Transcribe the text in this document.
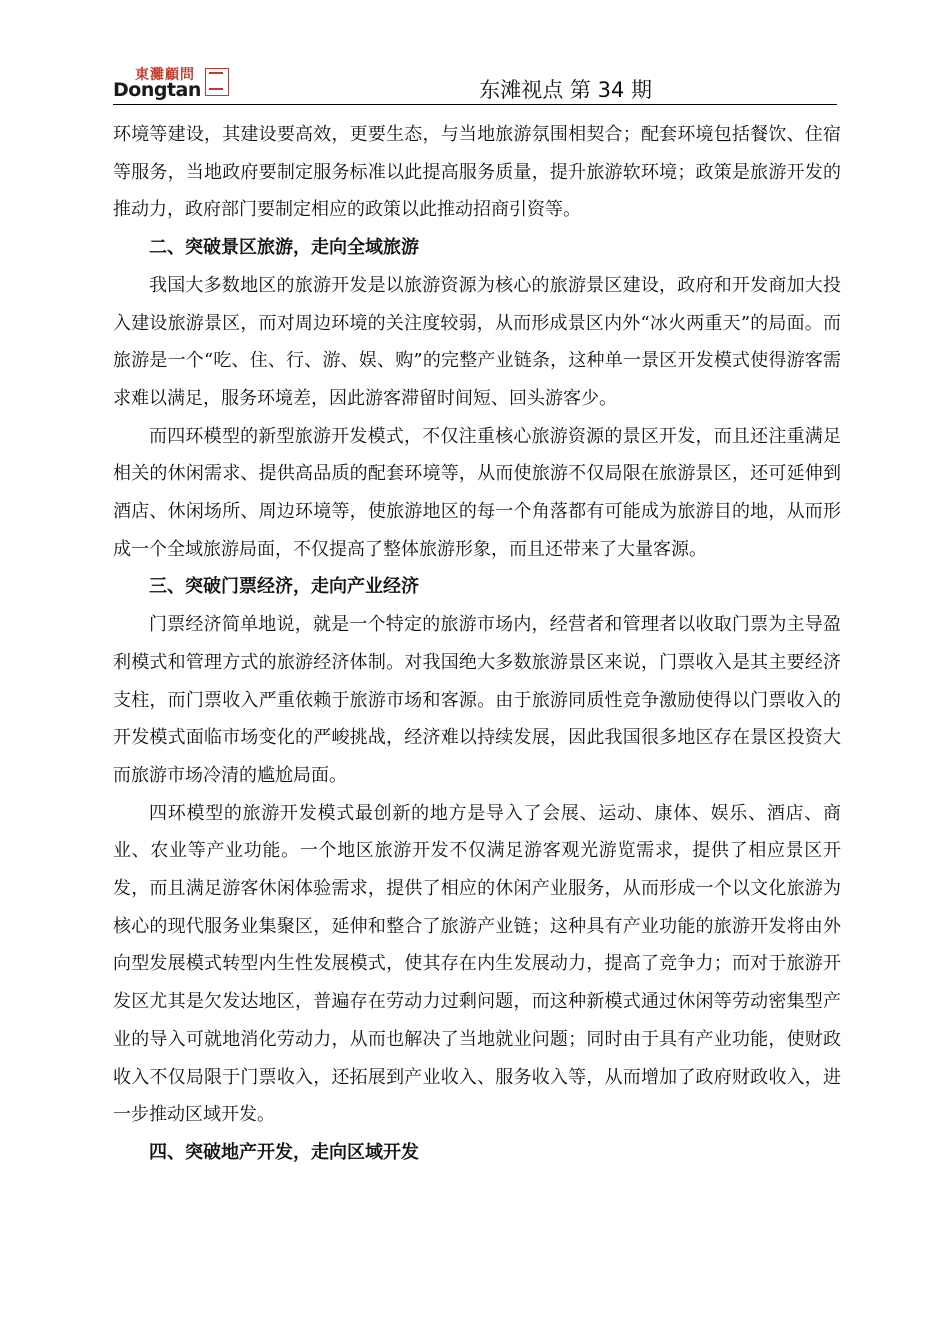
東灘顧問
Dongtan	东滩视点 第 34 期

环境等建设，其建设要高效，更要生态，与当地旅游氛围相契合；配套环境包括餐饮、住宿等服务，当地政府要制定服务标准以此提高服务质量，提升旅游软环境；政策是旅游开发的推动力，政府部门要制定相应的政策以此推动招商引资等。

二、突破景区旅游，走向全域旅游

我国大多数地区的旅游开发是以旅游资源为核心的旅游景区建设，政府和开发商加大投入建设旅游景区，而对周边环境的关注度较弱，从而形成景区内外“冰火两重天”的局面。而旅游是一个“吃、住、行、游、娱、购”的完整产业链条，这种单一景区开发模式使得游客需求难以满足，服务环境差，因此游客滞留时间短、回头游客少。

而四环模型的新型旅游开发模式，不仅注重核心旅游资源的景区开发，而且还注重满足相关的休闲需求、提供高品质的配套环境等，从而使旅游不仅局限在旅游景区，还可延伸到酒店、休闲场所、周边环境等，使旅游地区的每一个角落都有可能成为旅游目的地，从而形成一个全域旅游局面，不仅提高了整体旅游形象，而且还带来了大量客源。

三、突破门票经济，走向产业经济

门票经济简单地说，就是一个特定的旅游市场内，经营者和管理者以收取门票为主导盈利模式和管理方式的旅游经济体制。对我国绝大多数旅游景区来说，门票收入是其主要经济支柱，而门票收入严重依赖于旅游市场和客源。由于旅游同质性竞争激励使得以门票收入的开发模式面临市场变化的严峻挑战，经济难以持续发展，因此我国很多地区存在景区投资大而旅游市场冷清的尴尬局面。

四环模型的旅游开发模式最创新的地方是导入了会展、运动、康体、娱乐、酒店、商业、农业等产业功能。一个地区旅游开发不仅满足游客观光游览需求，提供了相应景区开发，而且满足游客休闲体验需求，提供了相应的休闲产业服务，从而形成一个以文化旅游为核心的现代服务业集聚区，延伸和整合了旅游产业链；这种具有产业功能的旅游开发将由外向型发展模式转型内生性发展模式，使其存在内生发展动力，提高了竞争力；而对于旅游开发区尤其是欠发达地区，普遍存在劳动力过剩问题，而这种新模式通过休闲等劳动密集型产业的导入可就地消化劳动力，从而也解决了当地就业问题；同时由于具有产业功能，使财政收入不仅局限于门票收入，还拓展到产业收入、服务收入等，从而增加了政府财政收入，进一步推动区域开发。

四、突破地产开发，走向区域开发
